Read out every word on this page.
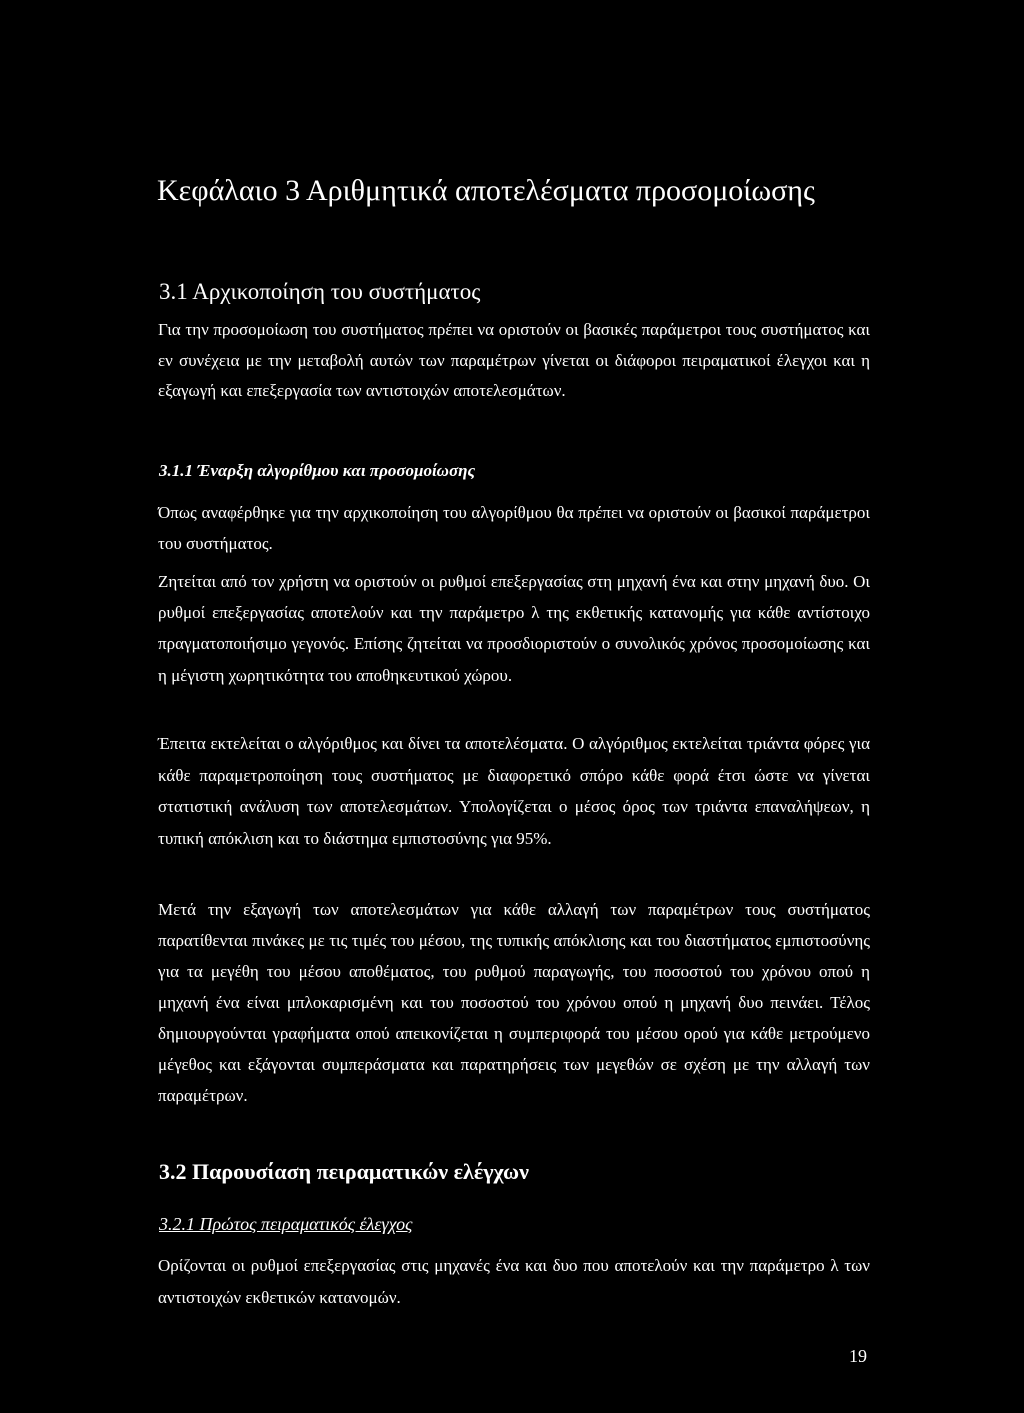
Κεφάλαιο 3 Αριθμητικά αποτελέσματα προσομοίωσης
3.1 Αρχικοποίηση του συστήματος

Για την προσομοίωση του συστήματος πρέπει να οριστούν οι βασικές παράμετροι τους συστήματος και εν συνέχεια με την μεταβολή αυτών των παραμέτρων γίνεται οι διάφοροι πειραματικοί έλεγχοι και η εξαγωγή και επεξεργασία των αντιστοιχών αποτελεσμάτων.

3.1.1 Έναρξη αλγορίθμου και προσομοίωσης

Όπως αναφέρθηκε για την αρχικοποίηση του αλγορίθμου θα πρέπει να οριστούν οι βασικοί παράμετροι του συστήματος.

Ζητείται από τον χρήστη να οριστούν οι ρυθμοί επεξεργασίας στη μηχανή ένα και στην μηχανή δυο. Οι ρυθμοί επεξεργασίας αποτελούν και την παράμετρο λ της εκθετικής κατανομής για κάθε αντίστοιχο πραγματοποιήσιμο γεγονός. Επίσης ζητείται να προσδιοριστούν ο συνολικός χρόνος προσομοίωσης και η μέγιστη χωρητικότητα του αποθηκευτικού χώρου.

Έπειτα εκτελείται ο αλγόριθμος και δίνει τα αποτελέσματα. Ο αλγόριθμος εκτελείται τριάντα φόρες για κάθε παραμετροποίηση τους συστήματος με διαφορετικό σπόρο κάθε φορά έτσι ώστε να γίνεται στατιστική ανάλυση των αποτελεσμάτων. Υπολογίζεται ο μέσος όρος των τριάντα επαναλήψεων, η τυπική απόκλιση και το διάστημα εμπιστοσύνης για 95%.

Μετά την εξαγωγή των αποτελεσμάτων για κάθε αλλαγή των παραμέτρων τους συστήματος παρατίθενται πινάκες με τις τιμές του μέσου, της τυπικής απόκλισης και του διαστήματος εμπιστοσύνης για τα μεγέθη του μέσου αποθέματος, του ρυθμού παραγωγής, του ποσοστού του χρόνου οπού η μηχανή ένα είναι μπλοκαρισμένη και του ποσοστού του χρόνου οπού η μηχανή δυο πεινάει. Τέλος δημιουργούνται γραφήματα οπού απεικονίζεται η συμπεριφορά του μέσου ορού για κάθε μετρούμενο μέγεθος και εξάγονται συμπεράσματα και παρατηρήσεις των μεγεθών σε σχέση με την αλλαγή των παραμέτρων.

3.2 Παρουσίαση πειραματικών ελέγχων
3.2.1 Πρώτος πειραματικός έλεγχος

Ορίζονται οι ρυθμοί επεξεργασίας στις μηχανές ένα και δυο που αποτελούν και την παράμετρο λ των αντιστοιχών εκθετικών κατανομών.

19
